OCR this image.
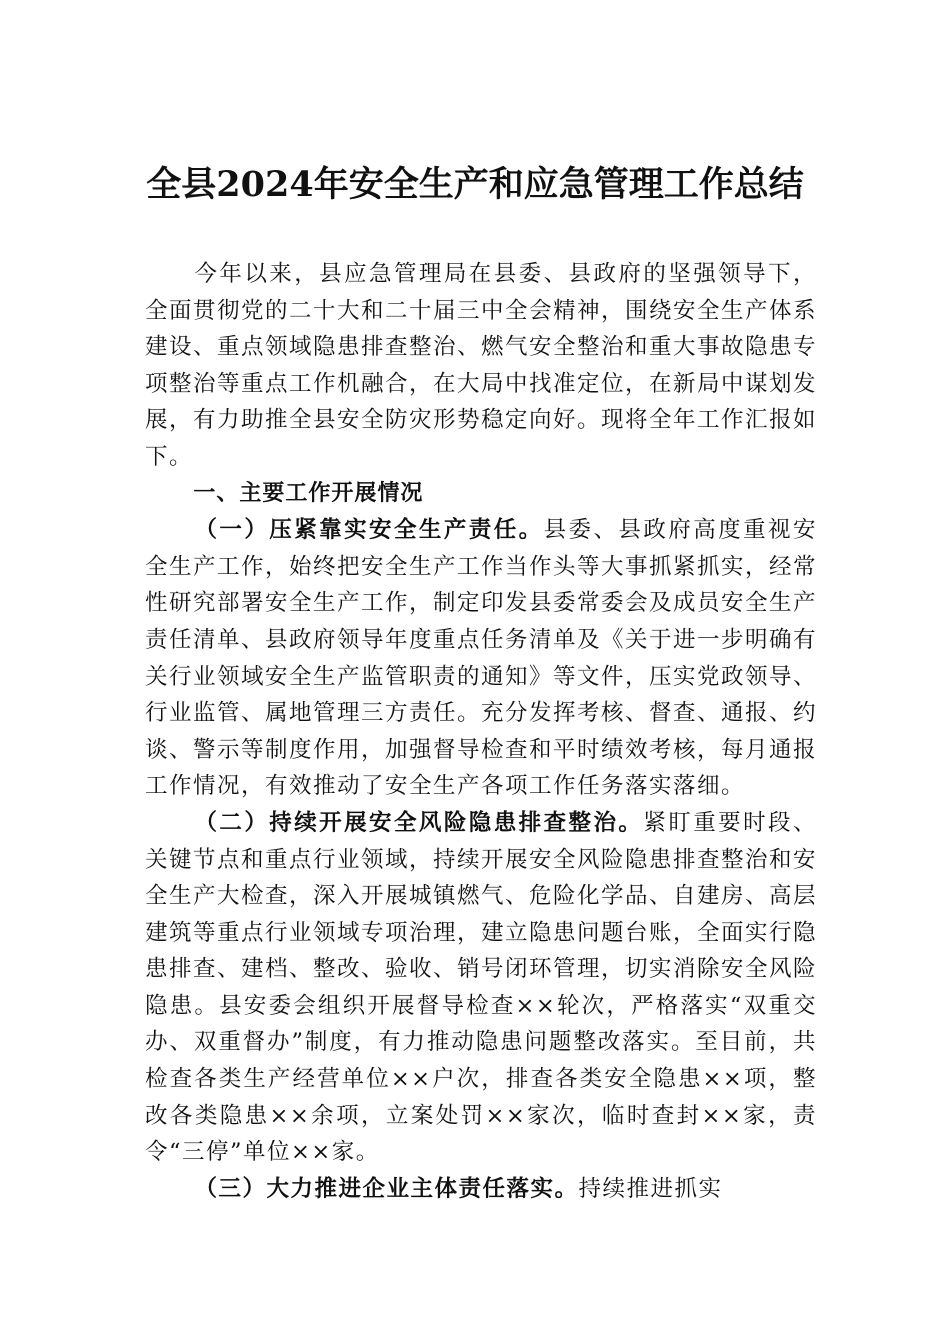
全县2024年安全生产和应急管理工作总结

今年以来，县应急管理局在县委、县政府的坚强领导下，全面贯彻党的二十大和二十届三中全会精神，围绕安全生产体系建设、重点领域隐患排查整治、燃气安全整治和重大事故隐患专项整治等重点工作机融合，在大局中找准定位，在新局中谋划发展，有力助推全县安全防灾形势稳定向好。现将全年工作汇报如下。

一、主要工作开展情况

（一）压紧靠实安全生产责任。县委、县政府高度重视安全生产工作，始终把安全生产工作当作头等大事抓紧抓实，经常性研究部署安全生产工作，制定印发县委常委会及成员安全生产责任清单、县政府领导年度重点任务清单及《关于进一步明确有关行业领域安全生产监管职责的通知》等文件，压实党政领导、行业监管、属地管理三方责任。充分发挥考核、督查、通报、约谈、警示等制度作用，加强督导检查和平时绩效考核，每月通报工作情况，有效推动了安全生产各项工作任务落实落细。

（二）持续开展安全风险隐患排查整治。紧盯重要时段、关键节点和重点行业领域，持续开展安全风险隐患排查整治和安全生产大检查，深入开展城镇燃气、危险化学品、自建房、高层建筑等重点行业领域专项治理，建立隐患问题台账，全面实行隐患排查、建档、整改、验收、销号闭环管理，切实消除安全风险隐患。县安委会组织开展督导检查××轮次，严格落实“双重交办、双重督办”制度，有力推动隐患问题整改落实。至目前，共检查各类生产经营单位××户次，排查各类安全隐患××项，整改各类隐患××余项，立案处罚××家次，临时查封××家，责令“三停”单位××家。

（三）大力推进企业主体责任落实。持续推进抓实
